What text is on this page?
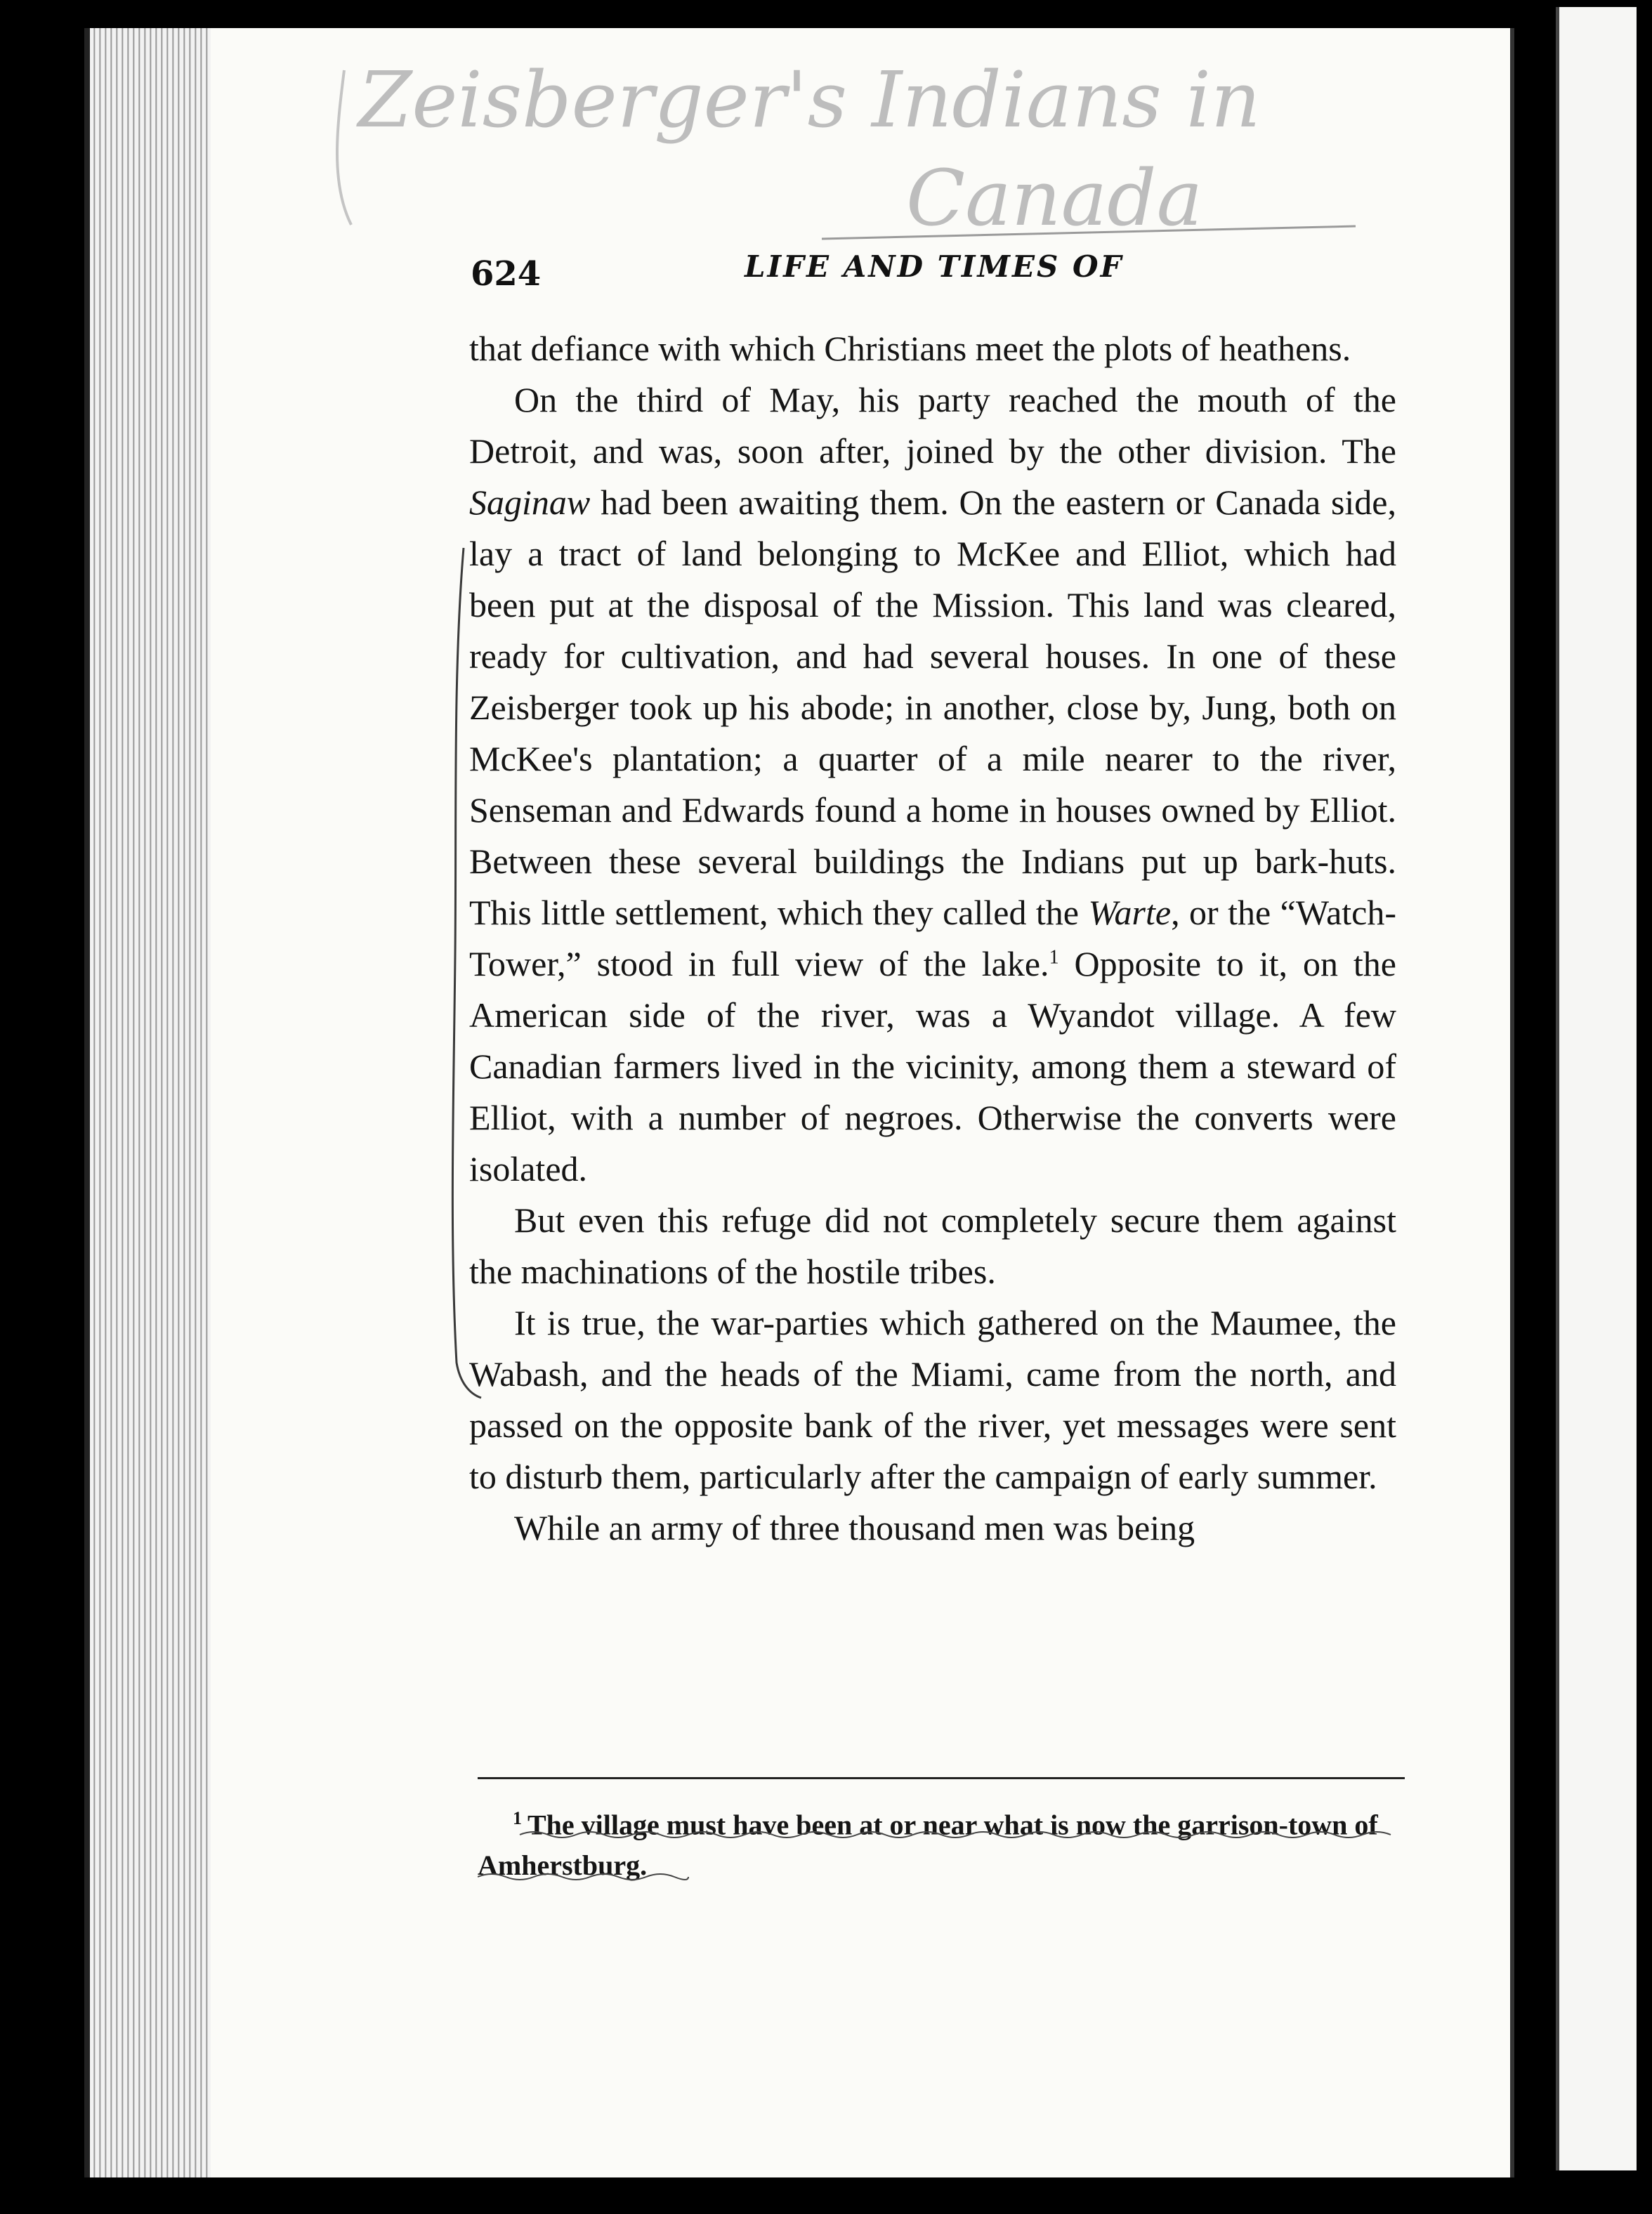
Zeisberger's Indians in
Canada
624	LIFE AND TIMES OF

that defiance with which Christians meet the plots of heathens.

On the third of May, his party reached the mouth of the Detroit, and was, soon after, joined by the other division. The Saginaw had been awaiting them. On the eastern or Canada side, lay a tract of land belonging to McKee and Elliot, which had been put at the disposal of the Mission. This land was cleared, ready for cultivation, and had several houses. In one of these Zeisberger took up his abode; in another, close by, Jung, both on McKee's plantation; a quarter of a mile nearer to the river, Senseman and Edwards found a home in houses owned by Elliot. Between these several buildings the Indians put up bark-huts. This little settlement, which they called the Warte, or the “Watch-Tower,” stood in full view of the lake.$^1$ Opposite to it, on the American side of the river, was a Wyandot village. A few Canadian farmers lived in the vicinity, among them a steward of Elliot, with a number of negroes. Otherwise the converts were isolated.

But even this refuge did not completely secure them against the machinations of the hostile tribes.

It is true, the war-parties which gathered on the Maumee, the Wabash, and the heads of the Miami, came from the north, and passed on the opposite bank of the river, yet messages were sent to disturb them, particularly after the campaign of early summer.

While an army of three thousand men was being

$^1$ The village must have been at or near what is now the garrison-town of Amherstburg.
